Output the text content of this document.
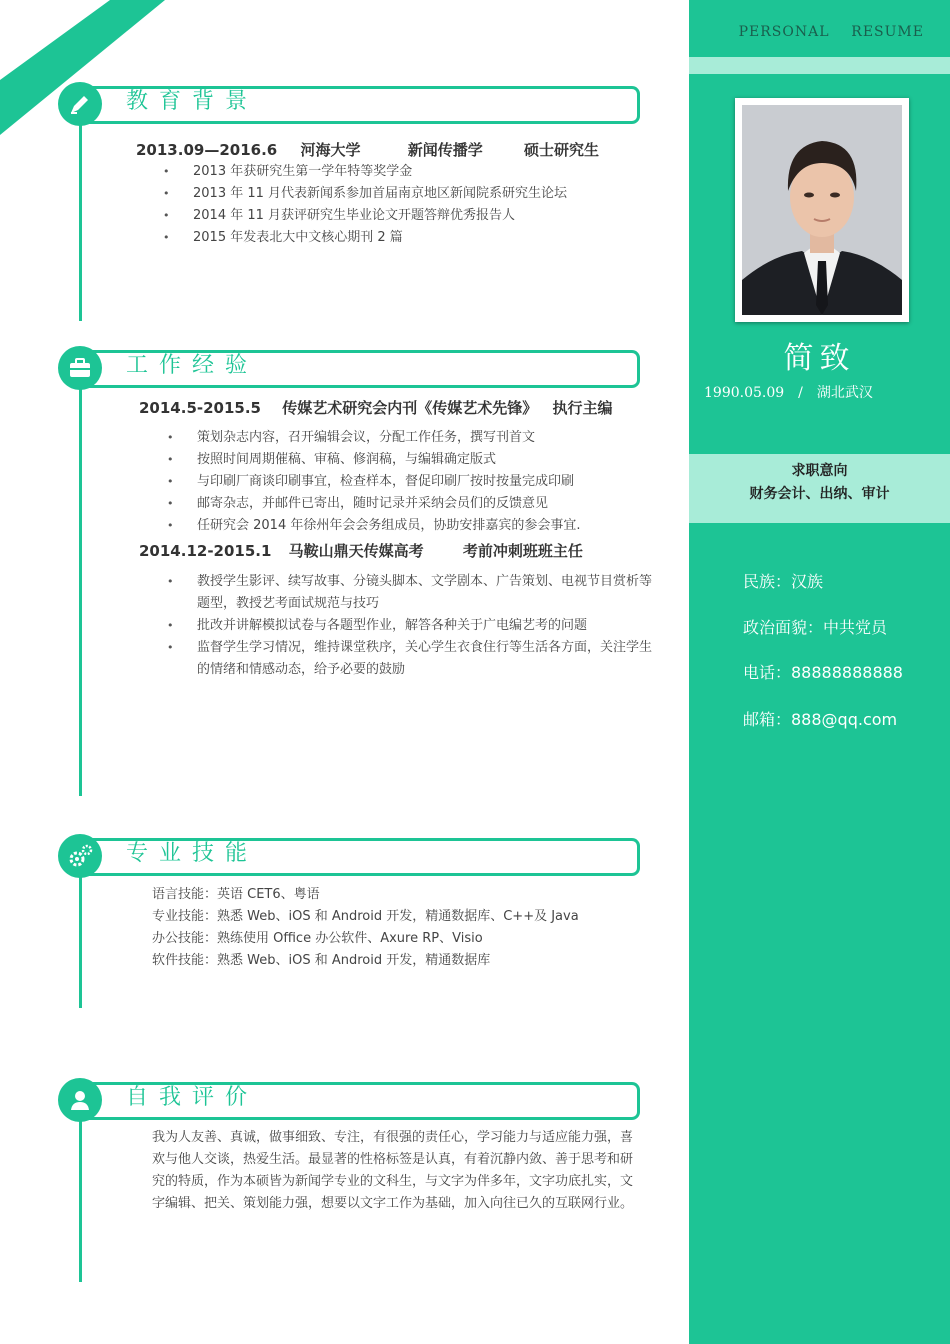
PERSONAL    RESUME
简致
1990.05.09 / 湖北武汉
求职意向
财务会计、出纳、审计
民族：汉族
政治面貌：中共党员
电话：88888888888
邮箱：888@qq.com
教育背景
2013.09—2016.6 河海大学	新闻传播学	硕士研究生
• 2013 年获研究生第一学年特等奖学金
• 2013 年 11 月代表新闻系参加首届南京地区新闻院系研究生论坛
• 2014 年 11 月获评研究生毕业论文开题答辩优秀报告人
• 2015 年发表北大中文核心期刊 2 篇
工作经验
2014.5-2015.5 传媒艺术研究会内刊《传媒艺术先锋》 执行主编
• 策划杂志内容，召开编辑会议，分配工作任务，撰写刊首文
• 按照时间周期催稿、审稿、修润稿，与编辑确定版式
• 与印刷厂商谈印刷事宜，检查样本，督促印刷厂按时按量完成印刷
• 邮寄杂志，并邮件已寄出，随时记录并采纳会员们的反馈意见
• 任研究会 2014 年徐州年会会务组成员，协助安排嘉宾的参会事宜.
2014.12-2015.1 马鞍山鼎天传媒高考	考前冲刺班班主任
• 教授学生影评、续写故事、分镜头脚本、文学剧本、广告策划、电视节目赏析等题型，教授艺考面试规范与技巧
• 批改并讲解模拟试卷与各题型作业，解答各种关于广电编艺考的问题
• 监督学生学习情况，维持课堂秩序，关心学生衣食住行等生活各方面，关注学生的情绪和情感动态，给予必要的鼓励
专业技能
语言技能：英语 CET6、粤语
专业技能：熟悉 Web、iOS 和 Android 开发，精通数据库、C++及 Java
办公技能：熟练使用 Office 办公软件、Axure RP、Visio
软件技能：熟悉 Web、iOS 和 Android 开发，精通数据库
自我评价
我为人友善、真诚，做事细致、专注，有很强的责任心，学习能力与适应能力强，喜欢与他人交谈，热爱生活。最显著的性格标签是认真，有着沉静内敛、善于思考和研究的特质，作为本硕皆为新闻学专业的文科生，与文字为伴多年，文字功底扎实，文字编辑、把关、策划能力强，想要以文字工作为基础，加入向往已久的互联网行业。
